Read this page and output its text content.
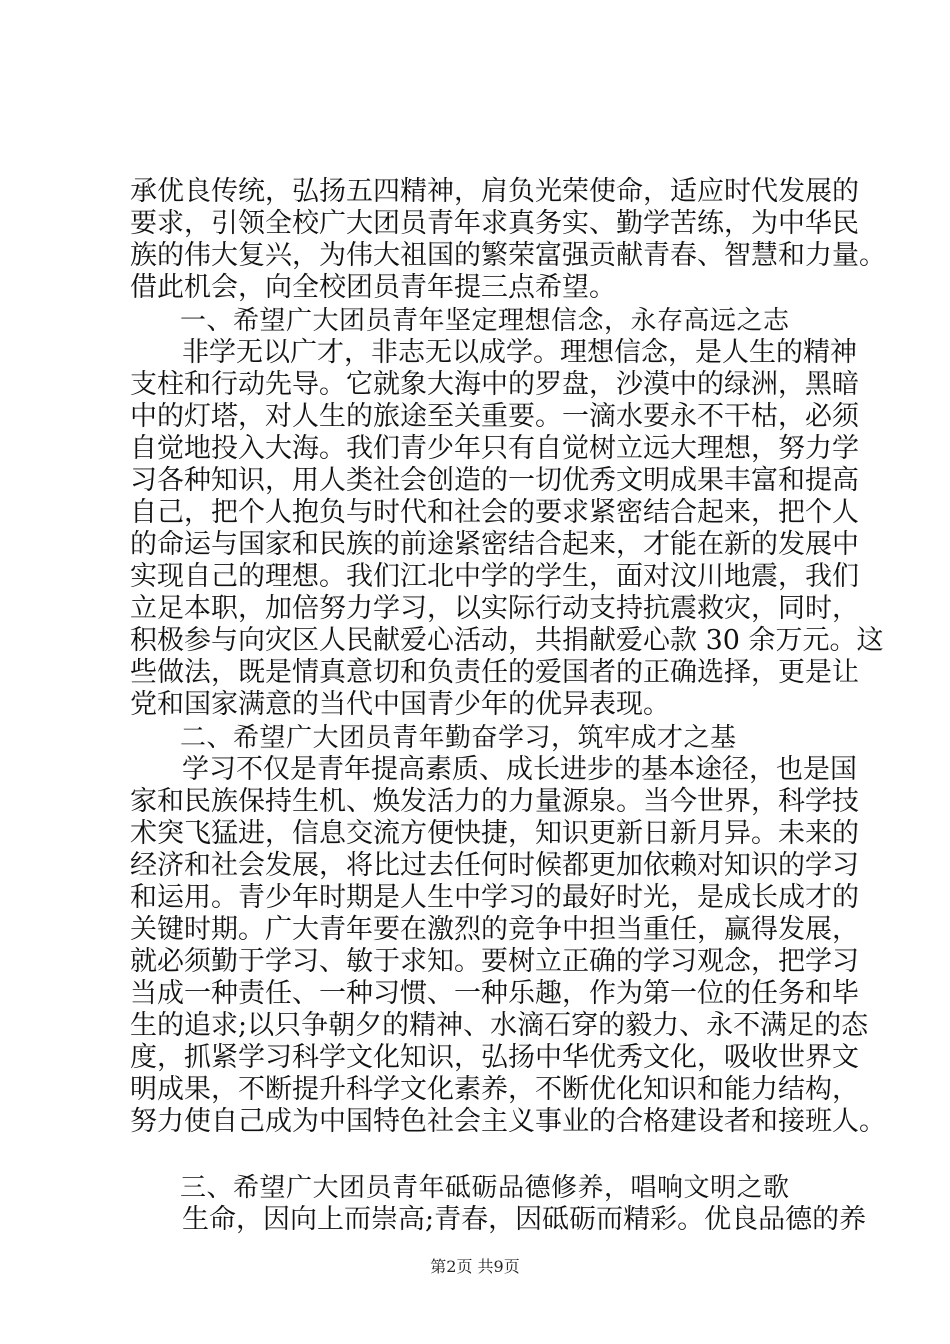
承优良传统，弘扬五四精神，肩负光荣使命，适应时代发展的
要求，引领全校广大团员青年求真务实、勤学苦练，为中华民
族的伟大复兴，为伟大祖国的繁荣富强贡献青春、智慧和力量。
借此机会，向全校团员青年提三点希望。
一、希望广大团员青年坚定理想信念，永存高远之志
非学无以广才，非志无以成学。理想信念，是人生的精神
支柱和行动先导。它就象大海中的罗盘，沙漠中的绿洲，黑暗
中的灯塔，对人生的旅途至关重要。一滴水要永不干枯，必须
自觉地投入大海。我们青少年只有自觉树立远大理想，努力学
习各种知识，用人类社会创造的一切优秀文明成果丰富和提高
自己，把个人抱负与时代和社会的要求紧密结合起来，把个人
的命运与国家和民族的前途紧密结合起来，才能在新的发展中
实现自己的理想。我们江北中学的学生，面对汶川地震，我们
立足本职，加倍努力学习，以实际行动支持抗震救灾，同时，
积极参与向灾区人民献爱心活动，共捐献爱心款 30 余万元。这
些做法，既是情真意切和负责任的爱国者的正确选择，更是让
党和国家满意的当代中国青少年的优异表现。
二、希望广大团员青年勤奋学习，筑牢成才之基
学习不仅是青年提高素质、成长进步的基本途径，也是国
家和民族保持生机、焕发活力的力量源泉。当今世界，科学技
术突飞猛进，信息交流方便快捷，知识更新日新月异。未来的
经济和社会发展，将比过去任何时候都更加依赖对知识的学习
和运用。青少年时期是人生中学习的最好时光，是成长成才的
关键时期。广大青年要在激烈的竞争中担当重任，赢得发展，
就必须勤于学习、敏于求知。要树立正确的学习观念，把学习
当成一种责任、一种习惯、一种乐趣，作为第一位的任务和毕
生的追求;以只争朝夕的精神、水滴石穿的毅力、永不满足的态
度，抓紧学习科学文化知识，弘扬中华优秀文化，吸收世界文
明成果，不断提升科学文化素养，不断优化知识和能力结构，
努力使自己成为中国特色社会主义事业的合格建设者和接班人。
三、希望广大团员青年砥砺品德修养，唱响文明之歌
生命，因向上而崇高;青春，因砥砺而精彩。优良品德的养
第2页 共9页
